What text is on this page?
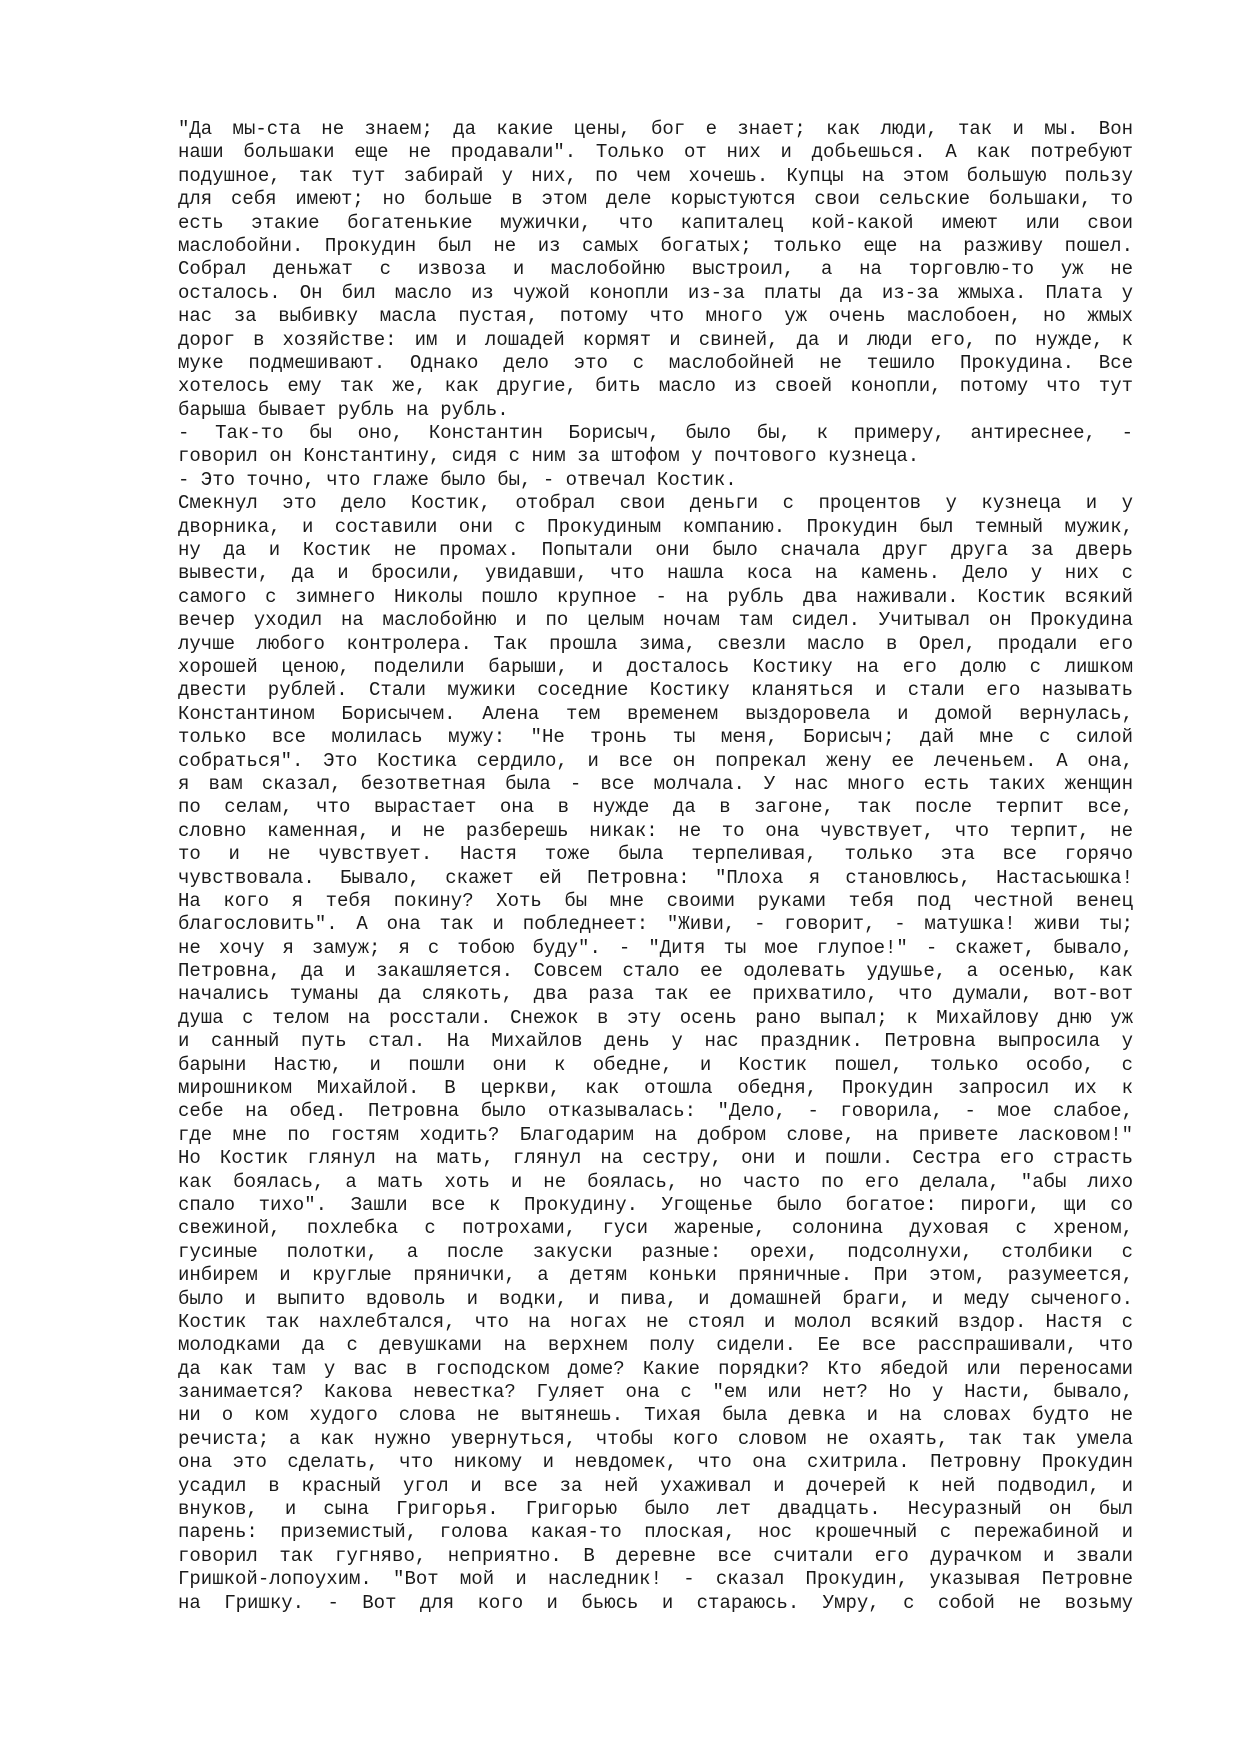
"Да мы-ста не знаем; да какие цены, бог е знает; как люди, так и мы. Вон
наши большаки еще не продавали". Только от них и добьешься. А как потребуют
подушное, так тут забирай у них, по чем хочешь. Купцы на этом большую пользу
для себя имеют; но больше в этом деле корыстуются свои сельские большаки, то
есть этакие богатенькие мужички, что капиталец кой-какой имеют или свои
маслобойни. Прокудин был не из самых богатых; только еще на разживу пошел.
Собрал деньжат с извоза и маслобойню выстроил, а на торговлю-то уж не
осталось. Он бил масло из чужой конопли из-за платы да из-за жмыха. Плата у
нас за выбивку масла пустая, потому что много уж очень маслобоен, но жмых
дорог в хозяйстве: им и лошадей кормят и свиней, да и люди его, по нужде, к
муке подмешивают. Однако дело это с маслобойней не тешило Прокудина. Все
хотелось ему так же, как другие, бить масло из своей конопли, потому что тут
барыша бывает рубль на рубль.
- Так-то бы оно, Константин Борисыч, было бы, к примеру, антиреснее, -
говорил он Константину, сидя с ним за штофом у почтового кузнеца.
- Это точно, что глаже было бы, - отвечал Костик.
Смекнул это дело Костик, отобрал свои деньги с процентов у кузнеца и у
дворника, и составили они с Прокудиным компанию. Прокудин был темный мужик,
ну да и Костик не промах. Попытали они было сначала друг друга за дверь
вывести, да и бросили, увидавши, что нашла коса на камень. Дело у них с
самого с зимнего Николы пошло крупное - на рубль два наживали. Костик всякий
вечер уходил на маслобойню и по целым ночам там сидел. Учитывал он Прокудина
лучше любого контролера. Так прошла зима, свезли масло в Орел, продали его
хорошей ценою, поделили барыши, и досталось Костику на его долю с лишком
двести рублей. Стали мужики соседние Костику кланяться и стали его называть
Константином Борисычем. Алена тем временем выздоровела и домой вернулась,
только все молилась мужу: "Не тронь ты меня, Борисыч; дай мне с силой
собраться". Это Костика сердило, и все он попрекал жену ее леченьем. А она,
я вам сказал, безответная была - все молчала. У нас много есть таких женщин
по селам, что вырастает она в нужде да в загоне, так после терпит все,
словно каменная, и не разберешь никак: не то она чувствует, что терпит, не
то и не чувствует. Настя тоже была терпеливая, только эта все горячо
чувствовала. Бывало, скажет ей Петровна: "Плоха я становлюсь, Настасьюшка!
На кого я тебя покину? Хоть бы мне своими руками тебя под честной венец
благословить". А она так и побледнеет: "Живи, - говорит, - матушка! живи ты;
не хочу я замуж; я с тобою буду". - "Дитя ты мое глупое!" - скажет, бывало,
Петровна, да и закашляется. Совсем стало ее одолевать удушье, а осенью, как
начались туманы да слякоть, два раза так ее прихватило, что думали, вот-вот
душа с телом на росстали. Снежок в эту осень рано выпал; к Михайлову дню уж
и санный путь стал. На Михайлов день у нас праздник. Петровна выпросила у
барыни Настю, и пошли они к обедне, и Костик пошел, только особо, с
мирошником Михайлой. В церкви, как отошла обедня, Прокудин запросил их к
себе на обед. Петровна было отказывалась: "Дело, - говорила, - мое слабое,
где мне по гостям ходить? Благодарим на добром слове, на привете ласковом!"
Но Костик глянул на мать, глянул на сестру, они и пошли. Сестра его страсть
как боялась, а мать хоть и не боялась, но часто по его делала, "абы лихо
спало тихо". Зашли все к Прокудину. Угощенье было богатое: пироги, щи со
свежиной, похлебка с потрохами, гуси жареные, солонина духовая с хреном,
гусиные полотки, а после закуски разные: орехи, подсолнухи, столбики с
инбирем и круглые прянички, а детям коньки пряничные. При этом, разумеется,
было и выпито вдоволь и водки, и пива, и домашней браги, и меду сыченого.
Костик так нахлебтался, что на ногах не стоял и молол всякий вздор. Настя с
молодками да с девушками на верхнем полу сидели. Ее все расспрашивали, что
да как там у вас в господском доме? Какие порядки? Кто ябедой или переносами
занимается? Какова невестка? Гуляет она с "ем или нет? Но у Насти, бывало,
ни о ком худого слова не вытянешь. Тихая была девка и на словах будто не
речиста; а как нужно увернуться, чтобы кого словом не охаять, так так умела
она это сделать, что никому и невдомек, что она схитрила. Петровну Прокудин
усадил в красный угол и все за ней ухаживал и дочерей к ней подводил, и
внуков, и сына Григорья. Григорью было лет двадцать. Несуразный он был
парень: приземистый, голова какая-то плоская, нос крошечный с пережабиной и
говорил так гугняво, неприятно. В деревне все считали его дурачком и звали
Гришкой-лопоухим. "Вот мой и наследник! - сказал Прокудин, указывая Петровне
на Гришку. - Вот для кого и бьюсь и стараюсь. Умру, с собой не возьму
